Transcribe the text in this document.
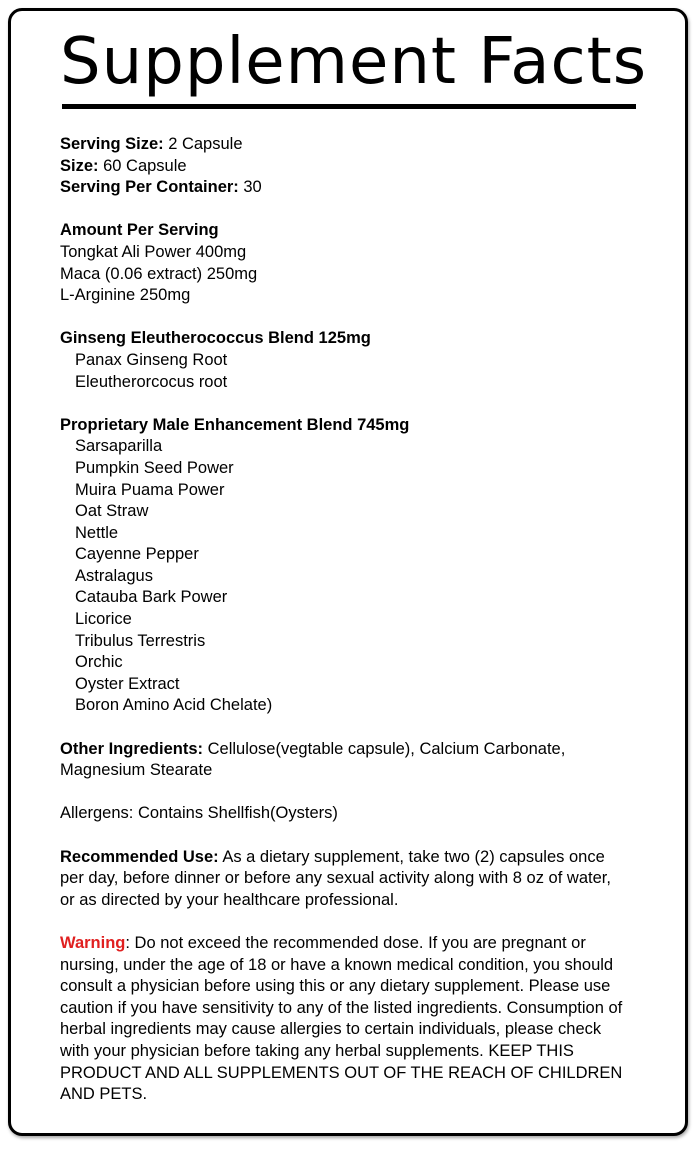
Supplement Facts
Serving Size: 2 Capsule
Size: 60 Capsule
Serving Per Container: 30
Amount Per Serving
Tongkat Ali Power 400mg
Maca (0.06 extract) 250mg
L-Arginine 250mg
Ginseng Eleutherococcus Blend 125mg
Panax Ginseng Root
Eleutherorcocus root
Proprietary Male Enhancement Blend 745mg
Sarsaparilla
Pumpkin Seed Power
Muira Puama Power
Oat Straw
Nettle
Cayenne Pepper
Astralagus
Catauba Bark Power
Licorice
Tribulus Terrestris
Orchic
Oyster Extract
Boron Amino Acid Chelate)
Other Ingredients: Cellulose(vegtable capsule), Calcium Carbonate,
Magnesium Stearate
Allergens: Contains Shellfish(Oysters)
Recommended Use: As a dietary supplement, take two (2) capsules once
per day, before dinner or before any sexual activity along with 8 oz of water,
or as directed by your healthcare professional.
Warning: Do not exceed the recommended dose. If you are pregnant or
nursing, under the age of 18 or have a known medical condition, you should
consult a physician before using this or any dietary supplement. Please use
caution if you have sensitivity to any of the listed ingredients. Consumption of
herbal ingredients may cause allergies to certain individuals, please check
with your physician before taking any herbal supplements. KEEP THIS
PRODUCT AND ALL SUPPLEMENTS OUT OF THE REACH OF CHILDREN
AND PETS.
